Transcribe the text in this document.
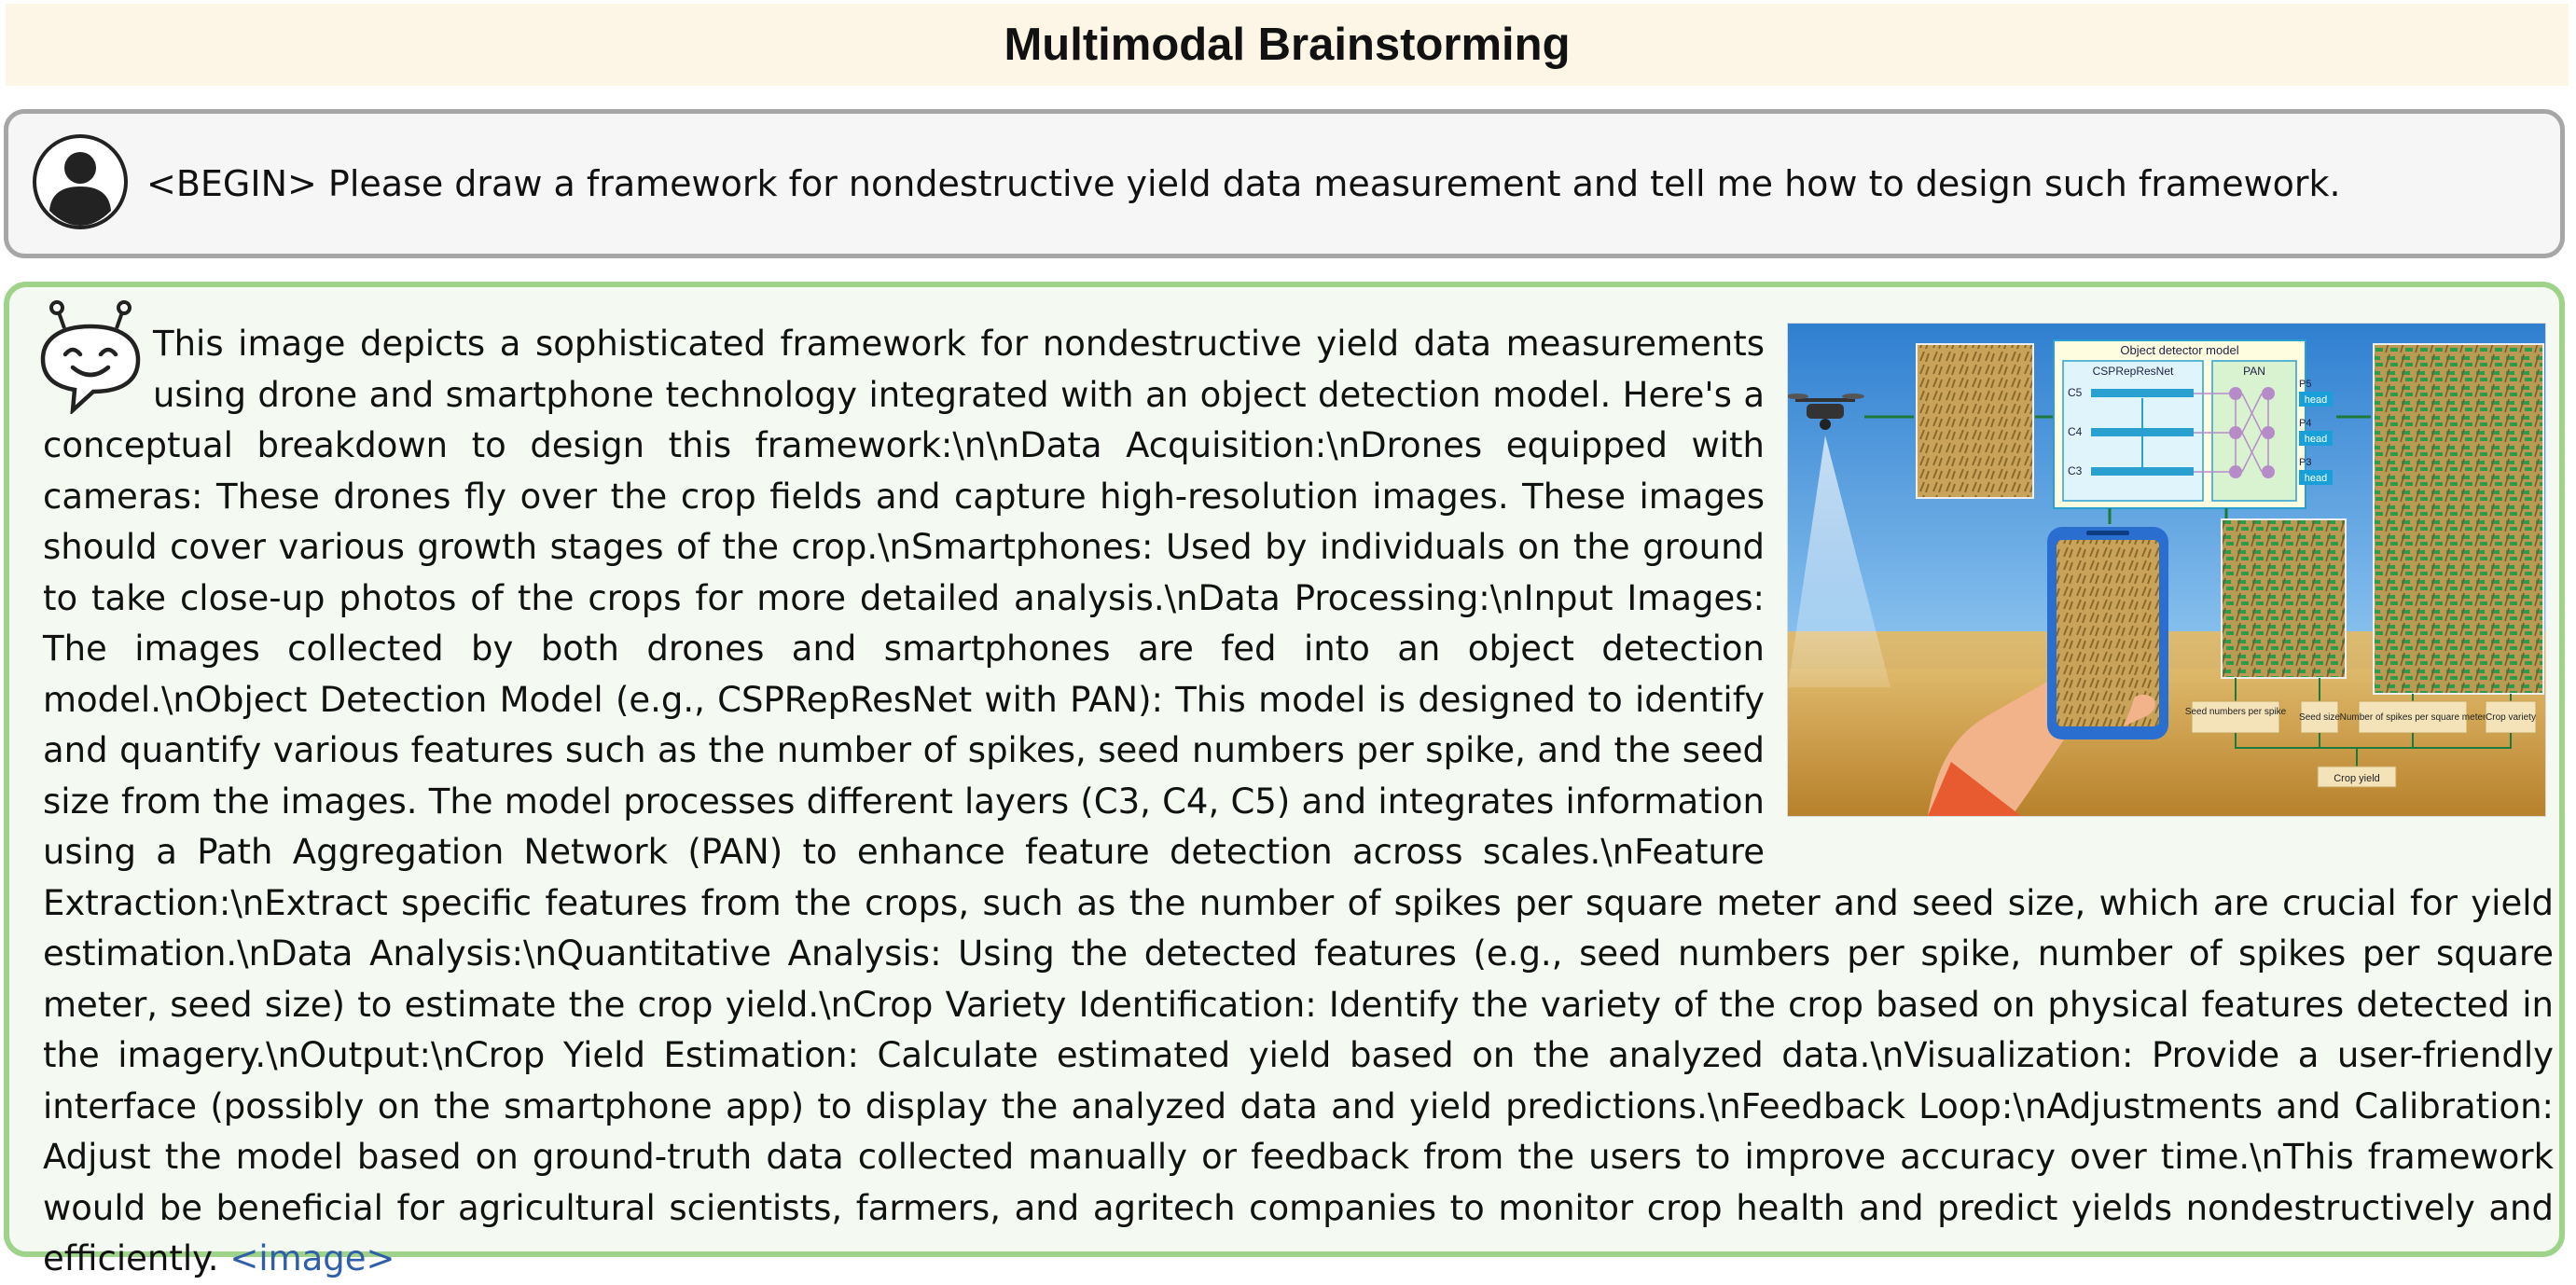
Multimodal Brainstorming
<BEGIN> Please draw a framework for nondestructive yield data measurement and tell me how to design such framework.
Object detector model
CSPRepResNet	PAN
C5
C4
C3
P5
head
P4
head
P3
head
Seed numbers per spike
Seed size Number of spikes per square meter Crop variety
Crop yield

This image depicts a sophisticated framework for nondestructive yield data measurements using drone and smartphone technology integrated with an object detection model. Here's a conceptual breakdown to design this framework:\n\nData Acquisition:\nDrones equipped with cameras: These drones fly over the crop fields and capture high-resolution images. These images should cover various growth stages of the crop.\nSmartphones: Used by individuals on the ground to take close-up photos of the crops for more detailed analysis.\nData Processing:\nInput Images: The images collected by both drones and smartphones are fed into an object detection model.\nObject Detection Model (e.g., CSPRepResNet with PAN): This model is designed to identify and quantify various features such as the number of spikes, seed numbers per spike, and the seed size from the images. The model processes different layers (C3, C4, C5) and integrates information using a Path Aggregation Network (PAN) to enhance feature detection across scales.\nFeature Extraction:\nExtract specific features from the crops, such as the number of spikes per square meter and seed size, which are crucial for yield estimation.\nData Analysis:\nQuantitative Analysis: Using the detected features (e.g., seed numbers per spike, number of spikes per square meter, seed size) to estimate the crop yield.\nCrop Variety Identification: Identify the variety of the crop based on physical features detected in the imagery.\nOutput:\nCrop Yield Estimation: Calculate estimated yield based on the analyzed data.\nVisualization: Provide a user-friendly interface (possibly on the smartphone app) to display the analyzed data and yield predictions.\nFeedback Loop:\nAdjustments and Calibration: Adjust the model based on ground-truth data collected manually or feedback from the users to improve accuracy over time.\nThis framework would be beneficial for agricultural scientists, farmers, and agritech companies to monitor crop health and predict yields nondestructively and efficiently. <image>
